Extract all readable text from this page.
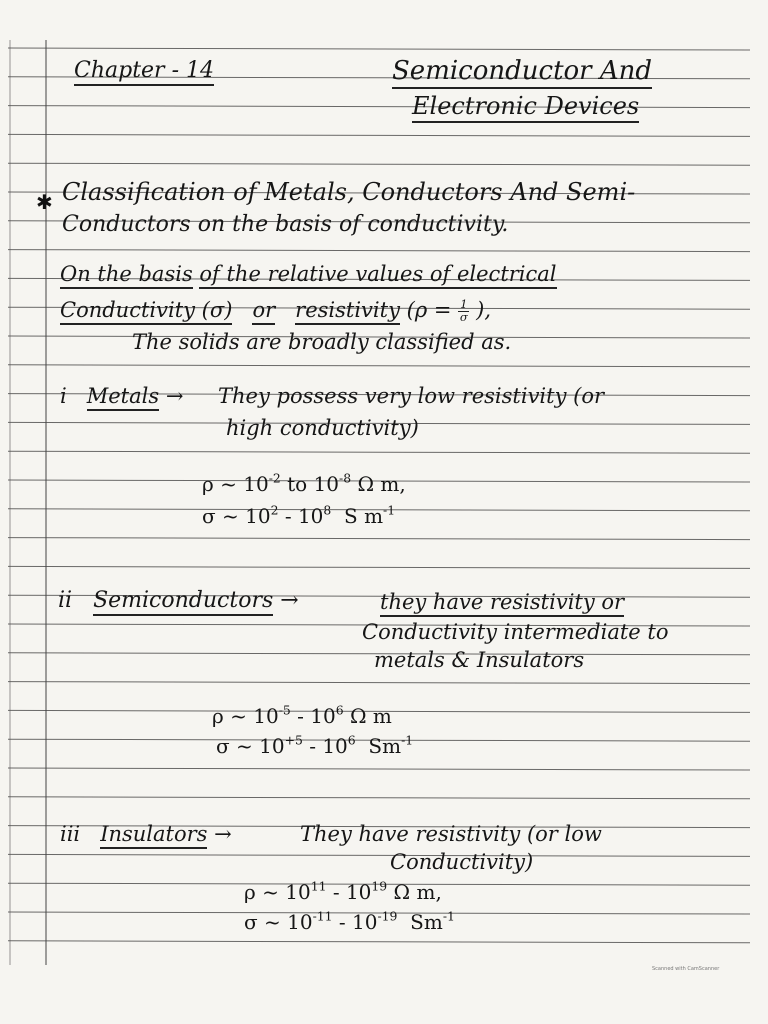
Chapter - 14	Semiconductor And
Electronic Devices
✱ Classification of Metals, Conductors And Semi-
Conductors on the basis of conductivity.
On the basis of the relative values of electrical
Conductivity (σ) or resistivity ($\rho = \frac{1}{\sigma}$ ),
The solids are broadly classified as.
i Metals → They possess very low resistivity (or
high conductivity)
ρ ~ $10^{-2}$ to $10^{-8}$ Ω m,
σ ~ $10^2 - 10^8$ S $m^{-1}$
ii Semiconductors →	they have resistivity or
Conductivity intermediate to
metals & Insulators
ρ ~ $10^{-5} - 10^6$ Ω m
σ ~ $10^{+5} - 10^6$ $Sm^{-1}$
iii Insulators →	They have resistivity (or low
Conductivity)
ρ ~ $10^{11} - 10^{19}$ Ω m,
σ ~ $10^{-11} - 10^{-19}$ $Sm^{-1}$
Scanned with CamScanner
